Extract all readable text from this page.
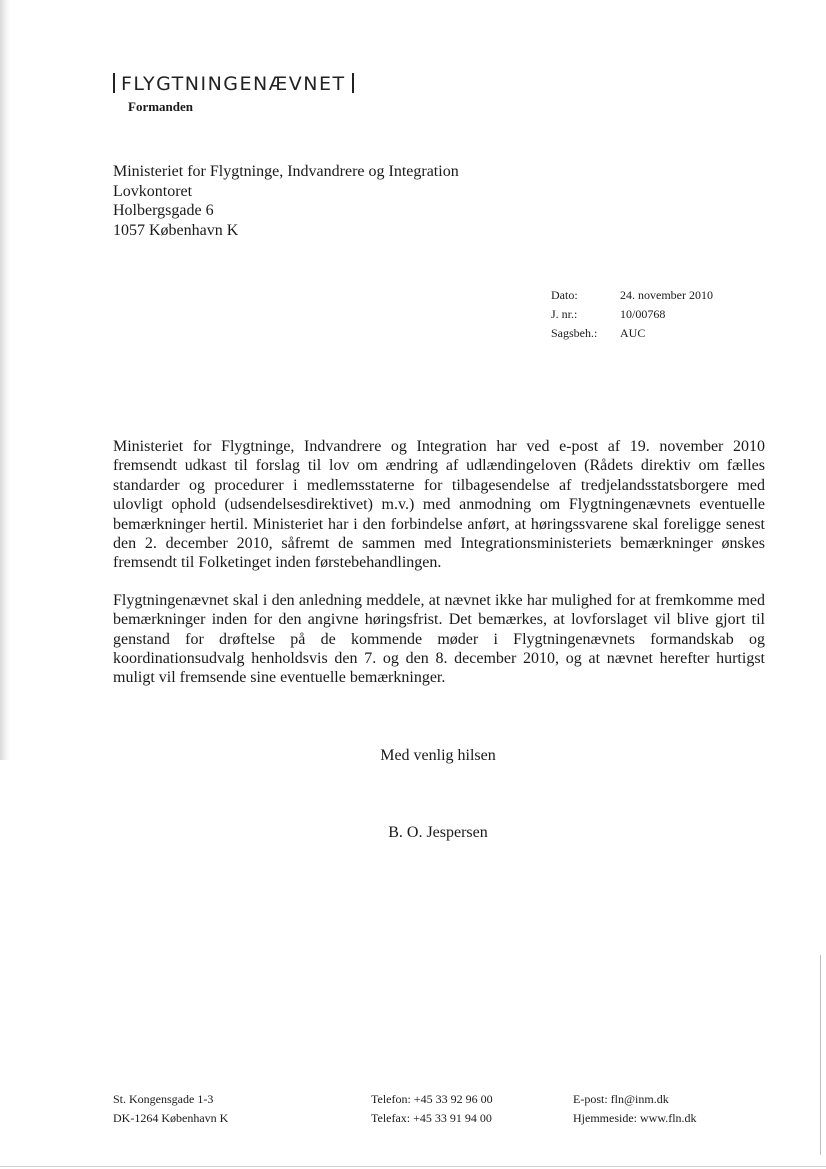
FLYGTNINGENÆVNET
Formanden
Ministeriet for Flygtninge, Indvandrere og Integration
Lovkontoret
Holbergsgade 6
1057 København K
Dato:	24. november 2010
J. nr.:	10/00768
Sagsbeh.:	AUC

Ministeriet for Flygtninge, Indvandrere og Integration har ved e-post af 19. november 2010 fremsendt udkast til forslag til lov om ændring af udlændingeloven (Rådets direktiv om fælles standarder og procedurer i medlemsstaterne for tilbagesendelse af tredjelandsstatsborgere med ulovligt ophold (udsendelsesdirektivet) m.v.) med anmodning om Flygtningenævnets eventuelle bemærkninger hertil. Ministeriet har i den forbindelse anført, at høringssvarene skal foreligge senest den 2. december 2010, såfremt de sammen med Integrationsministeriets bemærkninger ønskes fremsendt til Folketinget inden førstebehandlingen.

Flygtningenævnet skal i den anledning meddele, at nævnet ikke har mulighed for at fremkomme med bemærkninger inden for den angivne høringsfrist. Det bemærkes, at lovforslaget vil blive gjort til genstand for drøftelse på de kommende møder i Flygtningenævnets formandskab og koordinationsudvalg henholdsvis den 7. og den 8. december 2010, og at nævnet herefter hurtigst muligt vil fremsende sine eventuelle bemærkninger.

Med venlig hilsen
B. O. Jespersen
St. Kongensgade 1-3
DK-1264 København K
Telefon: +45 33 92 96 00
Telefax: +45 33 91 94 00
E-post: fln@inm.dk
Hjemmeside: www.fln.dk
